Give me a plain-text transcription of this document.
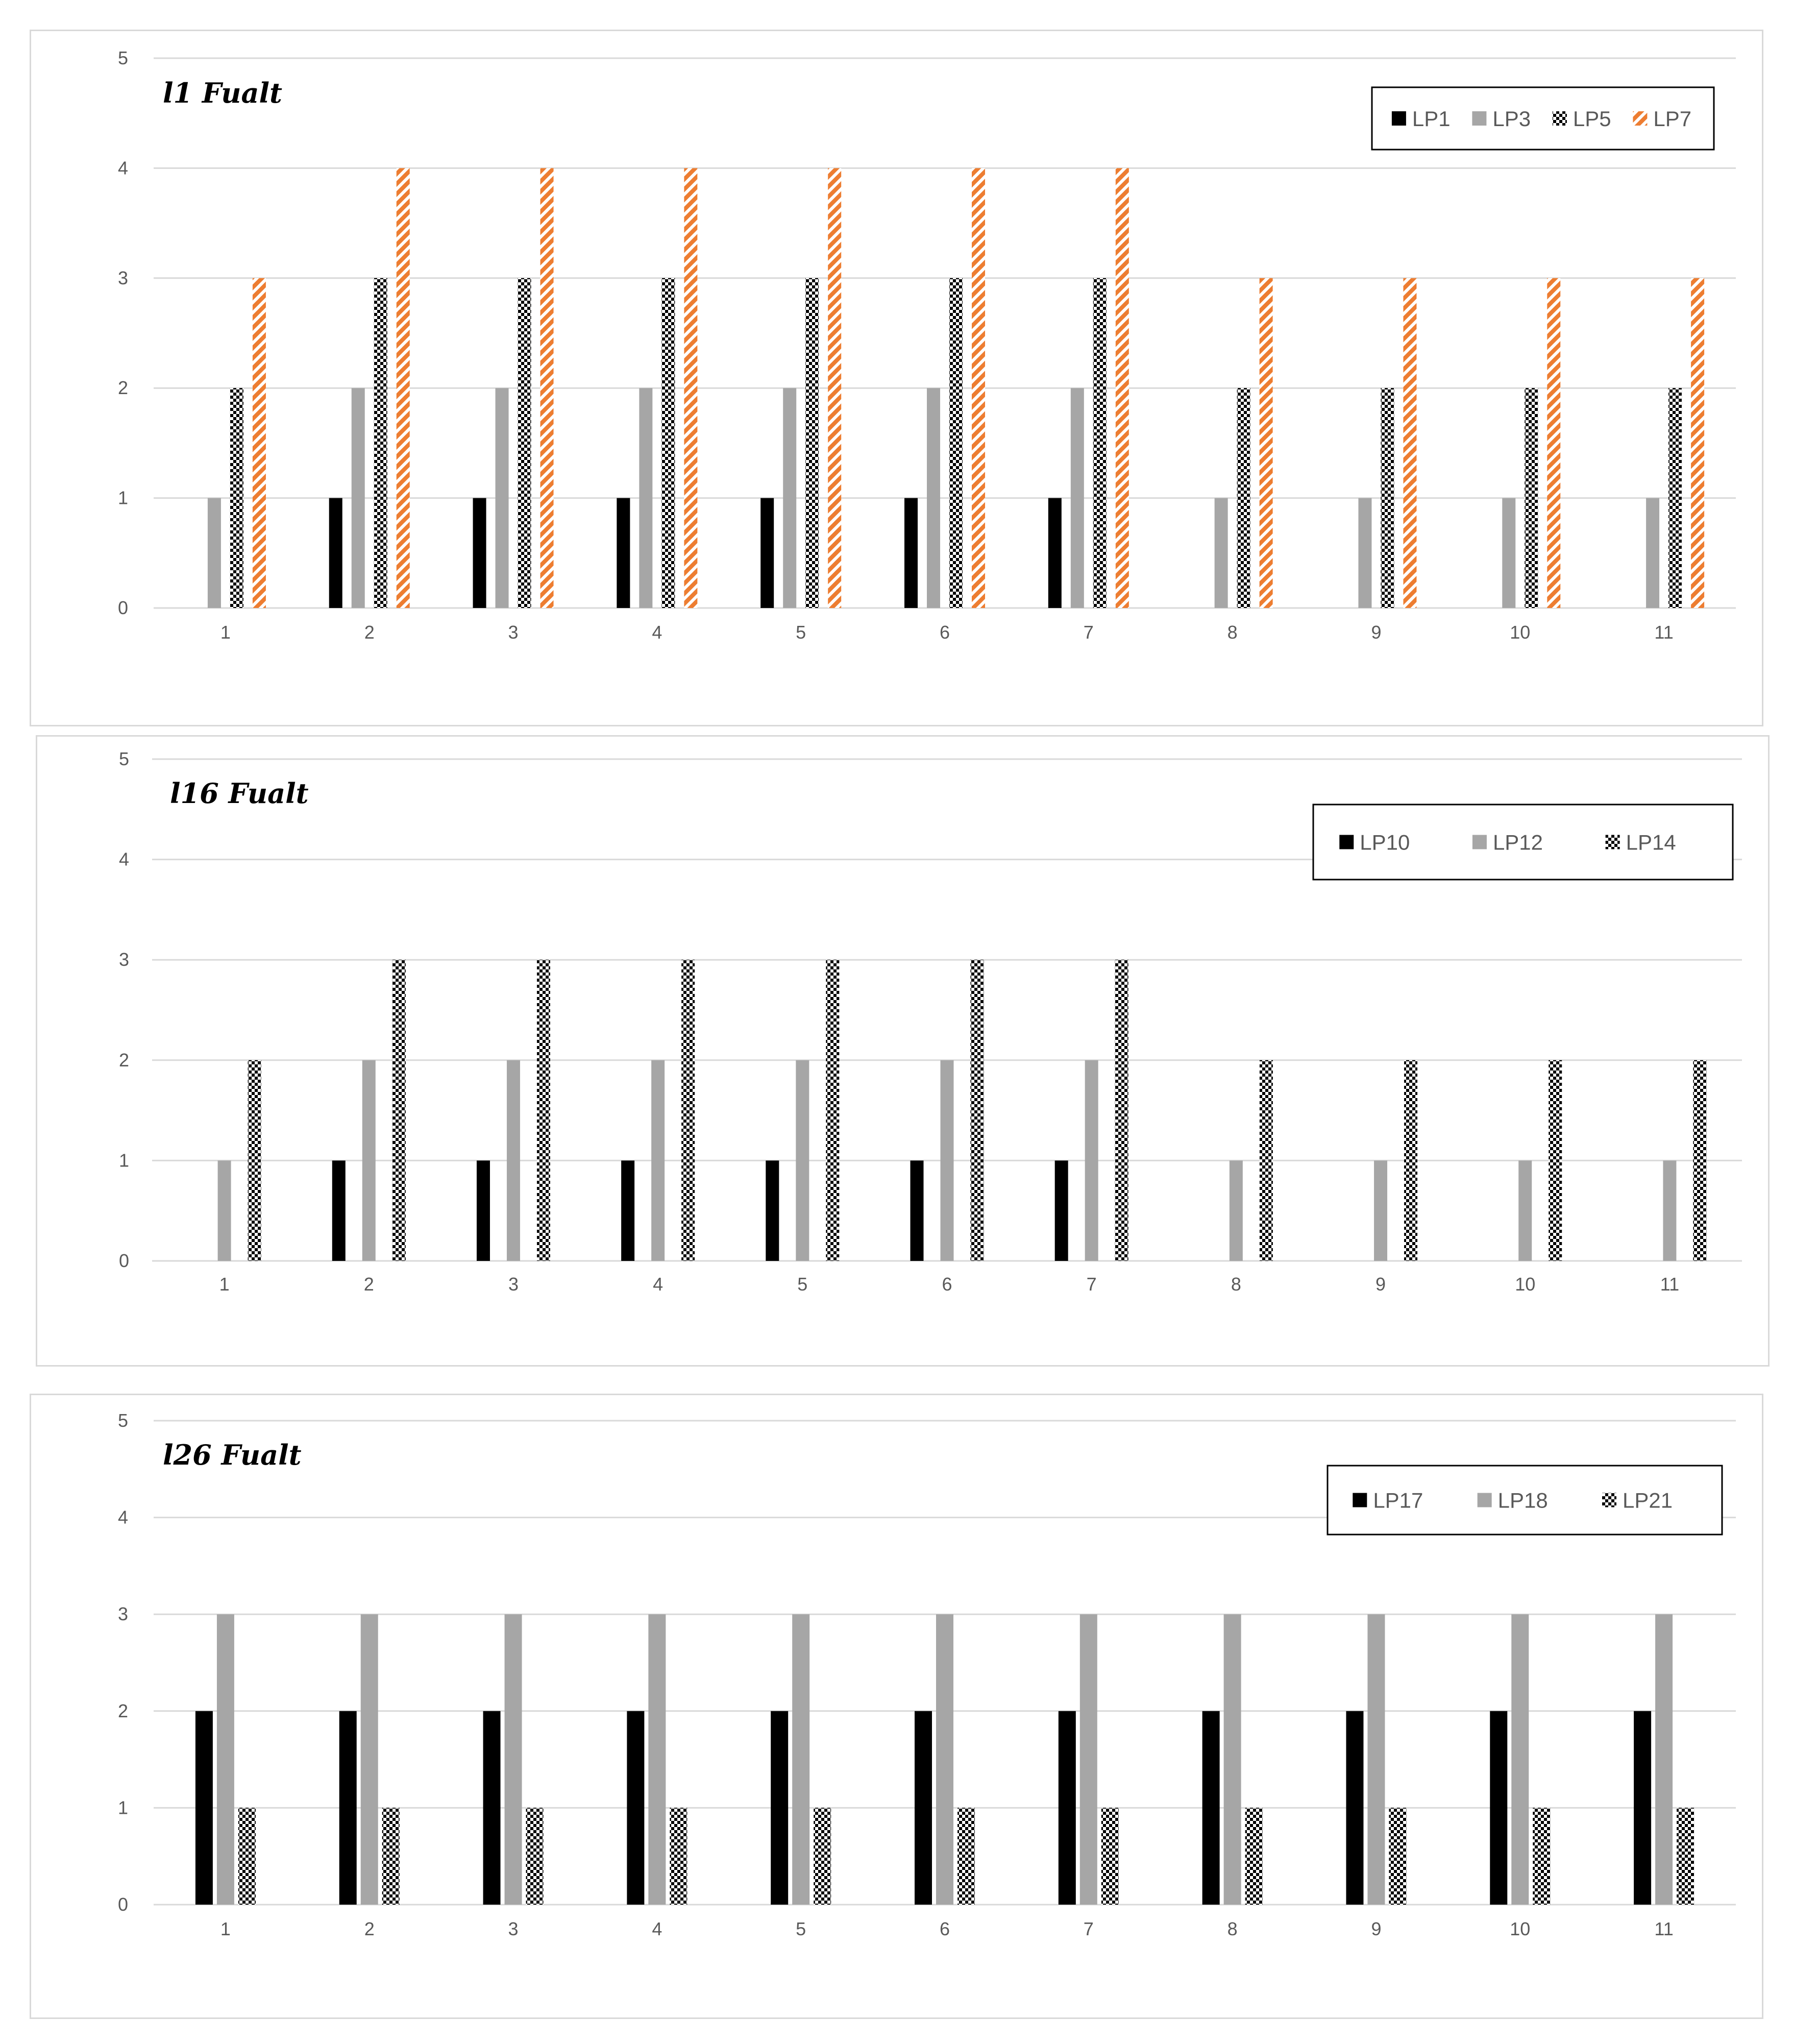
0
1
2
3
4
5
l1 Fualt
1	2	3	4	5	6	7	8	9	10	11
LP1 LP3 LP5 LP7
0
1
2
3
4
5
l16 Fualt
1	2	3	4	5	6	7	8	9	10	11
LP10	LP12	LP14
0
1
2
3
4
5
l26 Fualt
1	2	3	4	5	6	7	8	9	10	11
LP17	LP18	LP21
